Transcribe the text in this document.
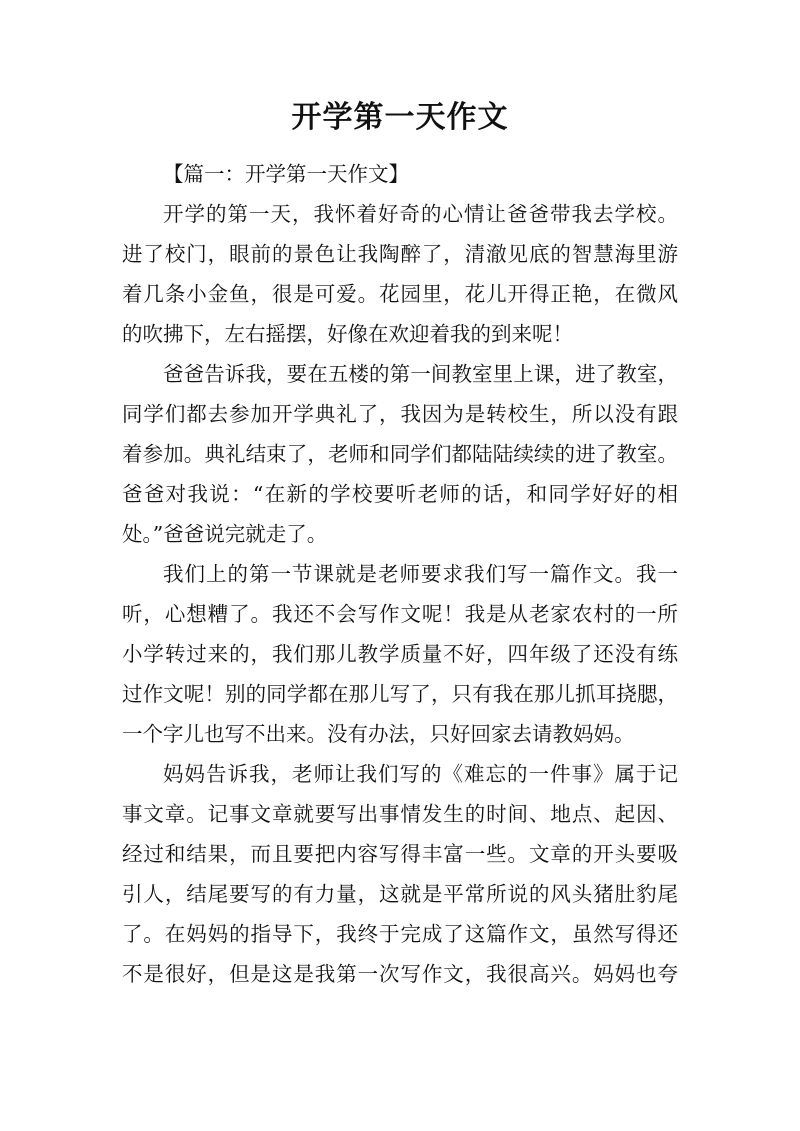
开学第一天作文
【篇一：开学第一天作文】
开学的第一天，我怀着好奇的心情让爸爸带我去学校。
进了校门，眼前的景色让我陶醉了，清澈见底的智慧海里游
着几条小金鱼，很是可爱。花园里，花儿开得正艳，在微风
的吹拂下，左右摇摆，好像在欢迎着我的到来呢！
爸爸告诉我，要在五楼的第一间教室里上课，进了教室，
同学们都去参加开学典礼了，我因为是转校生，所以没有跟
着参加。典礼结束了，老师和同学们都陆陆续续的进了教室。
爸爸对我说：“在新的学校要听老师的话，和同学好好的相
处。”爸爸说完就走了。
我们上的第一节课就是老师要求我们写一篇作文。我一
听，心想糟了。我还不会写作文呢！我是从老家农村的一所
小学转过来的，我们那儿教学质量不好，四年级了还没有练
过作文呢！别的同学都在那儿写了，只有我在那儿抓耳挠腮，
一个字儿也写不出来。没有办法，只好回家去请教妈妈。
妈妈告诉我，老师让我们写的《难忘的一件事》属于记
事文章。记事文章就要写出事情发生的时间、地点、起因、
经过和结果，而且要把内容写得丰富一些。文章的开头要吸
引人，结尾要写的有力量，这就是平常所说的风头猪肚豹尾
了。在妈妈的指导下，我终于完成了这篇作文，虽然写得还
不是很好，但是这是我第一次写作文，我很高兴。妈妈也夸
